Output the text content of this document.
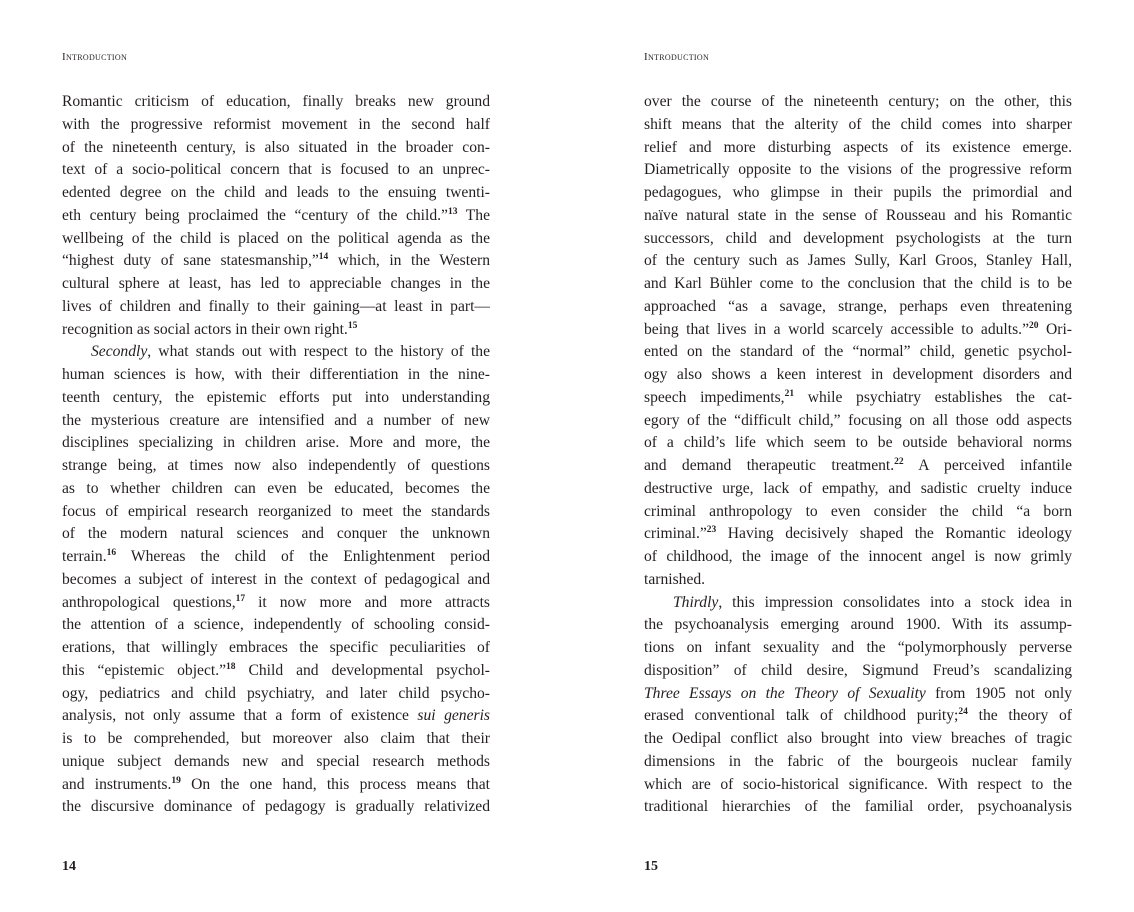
Introduction
Romantic criticism of education, finally breaks new ground
with the progressive reformist movement in the second half
of the nineteenth century, is also situated in the broader con-
text of a socio-political concern that is focused to an unprec-
edented degree on the child and leads to the ensuing twenti-
eth century being proclaimed the “century of the child.”$^{13}$ The
wellbeing of the child is placed on the political agenda as the
“highest duty of sane statesmanship,”$^{14}$ which, in the Western
cultural sphere at least, has led to appreciable changes in the
lives of children and finally to their gaining—at least in part—
recognition as social actors in their own right.$^{15}$
Secondly, what stands out with respect to the history of the
human sciences is how, with their differentiation in the nine-
teenth century, the epistemic efforts put into understanding
the mysterious creature are intensified and a number of new
disciplines specializing in children arise. More and more, the
strange being, at times now also independently of questions
as to whether children can even be educated, becomes the
focus of empirical research reorganized to meet the standards
of the modern natural sciences and conquer the unknown
terrain.$^{16}$ Whereas the child of the Enlightenment period
becomes a subject of interest in the context of pedagogical and
anthropological questions,$^{17}$ it now more and more attracts
the attention of a science, independently of schooling consid-
erations, that willingly embraces the specific peculiarities of
this “epistemic object.”$^{18}$ Child and developmental psychol-
ogy, pediatrics and child psychiatry, and later child psycho-
analysis, not only assume that a form of existence sui generis
is to be comprehended, but moreover also claim that their
unique subject demands new and special research methods
and instruments.$^{19}$ On the one hand, this process means that
the discursive dominance of pedagogy is gradually relativized
14
Introduction
over the course of the nineteenth century; on the other, this
shift means that the alterity of the child comes into sharper
relief and more disturbing aspects of its existence emerge.
Diametrically opposite to the visions of the progressive reform
pedagogues, who glimpse in their pupils the primordial and
naïve natural state in the sense of Rousseau and his Romantic
successors, child and development psychologists at the turn
of the century such as James Sully, Karl Groos, Stanley Hall,
and Karl Bühler come to the conclusion that the child is to be
approached “as a savage, strange, perhaps even threatening
being that lives in a world scarcely accessible to adults.”$^{20}$ Ori-
ented on the standard of the “normal” child, genetic psychol-
ogy also shows a keen interest in development disorders and
speech impediments,$^{21}$ while psychiatry establishes the cat-
egory of the “difficult child,” focusing on all those odd aspects
of a child’s life which seem to be outside behavioral norms
and demand therapeutic treatment.$^{22}$ A perceived infantile
destructive urge, lack of empathy, and sadistic cruelty induce
criminal anthropology to even consider the child “a born
criminal.”$^{23}$ Having decisively shaped the Romantic ideology
of childhood, the image of the innocent angel is now grimly
tarnished.
Thirdly, this impression consolidates into a stock idea in
the psychoanalysis emerging around 1900. With its assump-
tions on infant sexuality and the “polymorphously perverse
disposition” of child desire, Sigmund Freud’s scandalizing
Three Essays on the Theory of Sexuality from 1905 not only
erased conventional talk of childhood purity;$^{24}$ the theory of
the Oedipal conflict also brought into view breaches of tragic
dimensions in the fabric of the bourgeois nuclear family
which are of socio-historical significance. With respect to the
traditional hierarchies of the familial order, psychoanalysis
15
